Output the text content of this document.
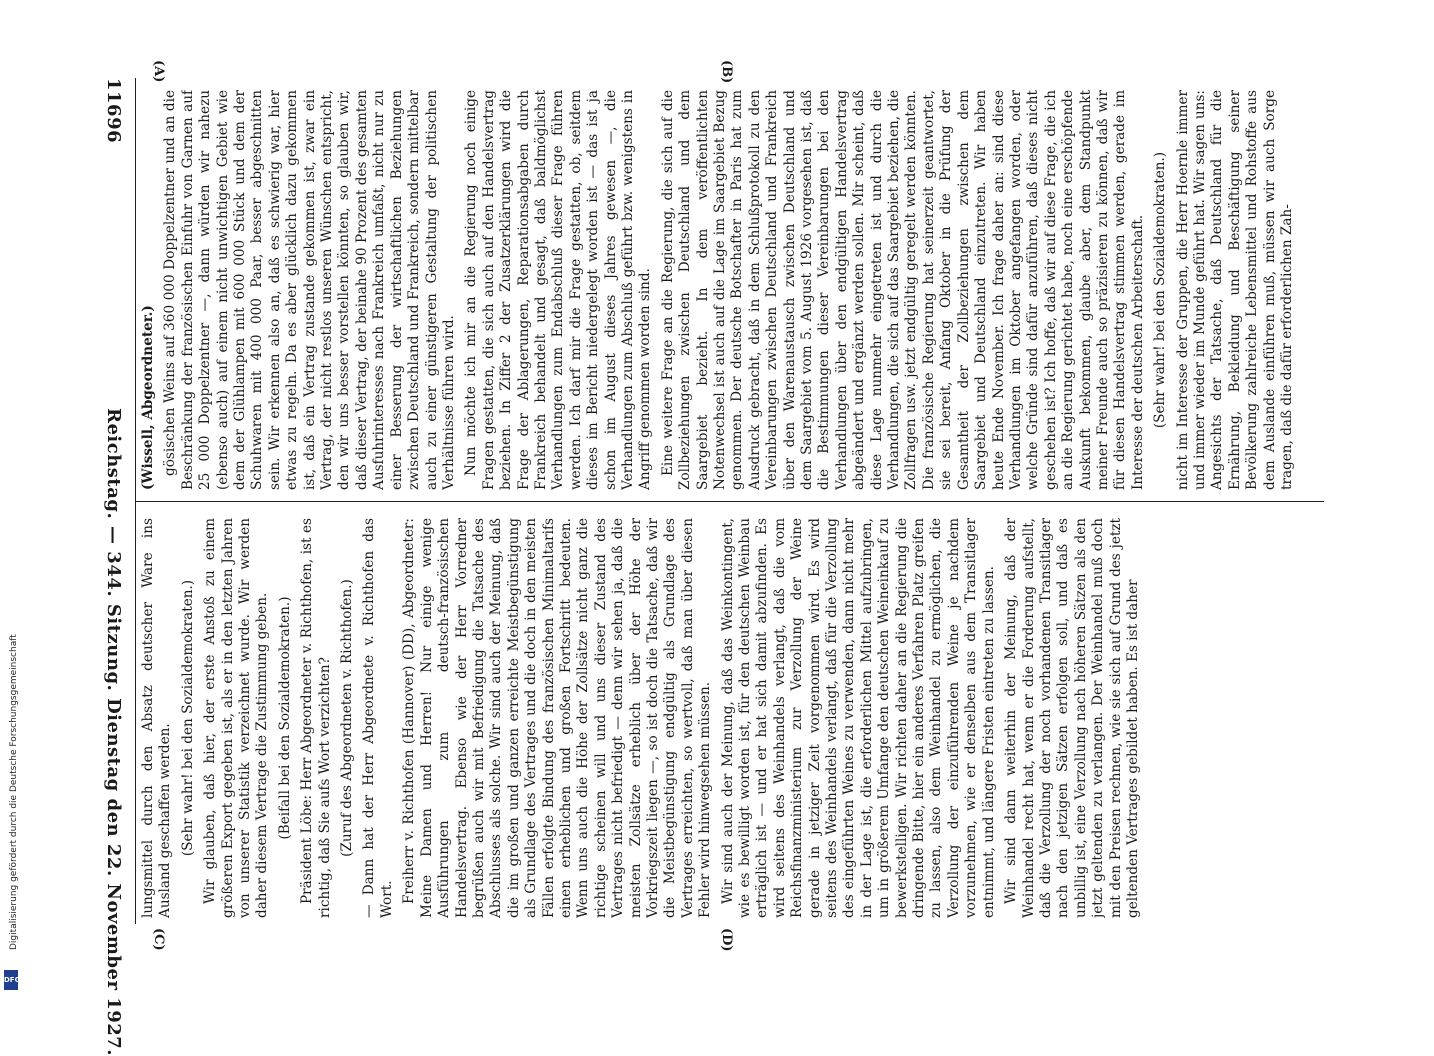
11696
Reichstag. — 344. Sitzung. Dienstag den 22. November 1927.
(A)	(B)
(C)	(D)

(Wissell, Abgeordneter.) gösischen Weins auf 360 000 Doppelzentner und an die Beschränkung der französischen Einfuhr von Garnen auf 25 000 Doppelzentner —, dann würden wir nahezu (ebenso auch) auf einem nicht unwichtigen Gebiet wie dem der Glühlampen mit 600 000 Stück und dem der Schuhwaren mit 400 000 Paar, besser abgeschnitten sein. Wir erkennen also an, daß es schwierig war, hier etwas zu regeln. Da es aber glücklich dazu gekommen ist, daß ein Vertrag zustande gekommen ist, zwar ein Vertrag, der nicht restlos unseren Wünschen entspricht, den wir uns besser vorstellen könnten, so glauben wir, daß dieser Vertrag, der beinahe 90 Prozent des gesamten Ausfuhrinteresses nach Frankreich umfaßt, nicht nur zu einer Besserung der wirtschaftlichen Beziehungen zwischen Deutschland und Frankreich, sondern mittelbar auch zu einer günstigeren Gestaltung der politischen Verhältnisse führen wird. Nun möchte ich mir an die Regierung noch einige Fragen gestatten, die sich auch auf den Handelsvertrag beziehen. In Ziffer 2 der Zusatzerklärungen wird die Frage der Ablagerungen, Reparationsabgaben durch Frankreich behandelt und gesagt, daß baldmöglichst Verhandlungen zum Endabschluß dieser Frage führen werden. Ich darf mir die Frage gestatten, ob, seitdem dieses im Bericht niedergelegt worden ist — das ist ja schon im August dieses Jahres gewesen —, die Verhandlungen zum Abschluß geführt bzw. wenigstens in Angriff genommen worden sind. Eine weitere Frage an die Regierung, die sich auf die Zollbeziehungen zwischen Deutschland und dem Saargebiet bezieht. In dem veröffentlichten Notenwechsel ist auch auf die Lage im Saargebiet Bezug genommen. Der deutsche Botschafter in Paris hat zum Ausdruck gebracht, daß in dem Schlußprotokoll zu den Vereinbarungen zwischen Deutschland und Frankreich über den Warenaustausch zwischen Deutschland und dem Saargebiet vom 5. August 1926 vorgesehen ist, daß die Bestimmungen dieser Vereinbarungen bei den Verhandlungen über den endgültigen Handelsvertrag abgeändert und ergänzt werden sollen. Mir scheint, daß diese Lage nunmehr eingetreten ist und durch die Verhandlungen, die sich auf das Saargebiet beziehen, die Zollfragen usw. jetzt endgültig geregelt werden könnten. Die französische Regierung hat seinerzeit geantwortet, sie sei bereit, Anfang Oktober in die Prüfung der Gesamtheit der Zollbeziehungen zwischen dem Saargebiet und Deutschland einzutreten. Wir haben heute Ende November. Ich frage daher an: sind diese Verhandlungen im Oktober angefangen worden, oder welche Gründe sind dafür anzuführen, daß dieses nicht geschehen ist? Ich hoffe, daß wir auf diese Frage, die ich an die Regierung gerichtet habe, noch eine erschöpfende Auskunft bekommen, glaube aber, dem Standpunkt meiner Freunde auch so präzisieren zu können, daß wir für diesen Handelsvertrag stimmen werden, gerade im Interesse der deutschen Arbeiterschaft. (Sehr wahr! bei den Sozialdemokraten.) nicht im Interesse der Gruppen, die Herr Hoernle immer und immer wieder im Munde geführt hat. Wir sagen uns: Angesichts der Tatsache, daß Deutschland für die Ernährung, Bekleidung und Beschäftigung seiner Bevölkerung zahlreiche Lebensmittel und Rohstoffe aus dem Auslande einführen muß, müssen wir auch Sorge tragen, daß die dafür erforderlichen Zah-

lungsmittel durch den Absatz deutscher Ware ins Ausland geschaffen werden. (Sehr wahr! bei den Sozialdemokraten.) Wir glauben, daß hier, der erste Anstoß zu einem größeren Export gegeben ist, als er in den letzten Jahren von unserer Statistik verzeichnet wurde. Wir werden daher diesem Vertrage die Zustimmung geben. (Beifall bei den Sozialdemokraten.) Präsident Löbe: Herr Abgeordneter v. Richthofen, ist es richtig, daß Sie aufs Wort verzichten? (Zuruf des Abgeordneten v. Richthofen.) — Dann hat der Herr Abgeordnete v. Richthofen das Wort. Freiherr v. Richthofen (Hannover) (DD), Abgeordneter: Meine Damen und Herren! Nur einige wenige Ausführungen zum deutsch-französischen Handelsvertrag. Ebenso wie der Herr Vorredner begrüßen auch wir mit Befriedigung die Tatsache des Abschlusses als solche. Wir sind auch der Meinung, daß die im großen und ganzen erreichte Meistbegünstigung als Grundlage des Vertrages und die doch in den meisten Fällen erfolgte Bindung des französischen Minimaltarifs einen erheblichen und großen Fortschritt bedeuten. Wenn uns auch die Höhe der Zollsätze nicht ganz die richtige scheinen will und uns dieser Zustand des Vertrages nicht befriedigt — denn wir sehen ja, daß die meisten Zollsätze erheblich über der Höhe der Vorkriegszeit liegen —, so ist doch die Tatsache, daß wir die Meistbegünstigung endgültig als Grundlage des Vertrages erreichten, so wertvoll, daß man über diesen Fehler wird hinwegsehen müssen. Wir sind auch der Meinung, daß das Weinkontingent, wie es bewilligt worden ist, für den deutschen Weinbau erträglich ist — und er hat sich damit abzufinden. Es wird seitens des Weinhandels verlangt, daß die vom Reichsfinanzministerium zur Verzollung der Weine gerade in jetziger Zeit vorgenommen wird. Es wird seitens des Weinhandels verlangt, daß für die Verzollung des eingeführten Weines zu verwenden, dann nicht mehr in der Lage ist, die erforderlichen Mittel aufzubringen, um in größerem Umfange den deutschen Weineinkauf zu bewerkstelligen. Wir richten daher an die Regierung die dringende Bitte, hier ein anderes Verfahren Platz greifen zu lassen, also dem Weinhandel zu ermöglichen, die Verzollung der einzuführenden Weine je nachdem vorzunehmen, wie er denselben aus dem Transitlager entnimmt, und längere Fristen eintreten zu lassen. Wir sind dann weiterhin der Meinung, daß der Weinhandel recht hat, wenn er die Forderung aufstellt, daß die Verzollung der noch vorhandenen Transitlager nach den jetzigen Sätzen erfolgen soll, und daß es unbillig ist, eine Verzollung nach höheren Sätzen als den jetzt geltenden zu verlangen. Der Weinhandel muß doch mit den Preisen rechnen, wie sie sich auf Grund des jetzt geltenden Vertrages gebildet haben. Es ist daher

DFG
Digitalisierung gefördert durch die Deutsche Forschungsgemeinschaft
